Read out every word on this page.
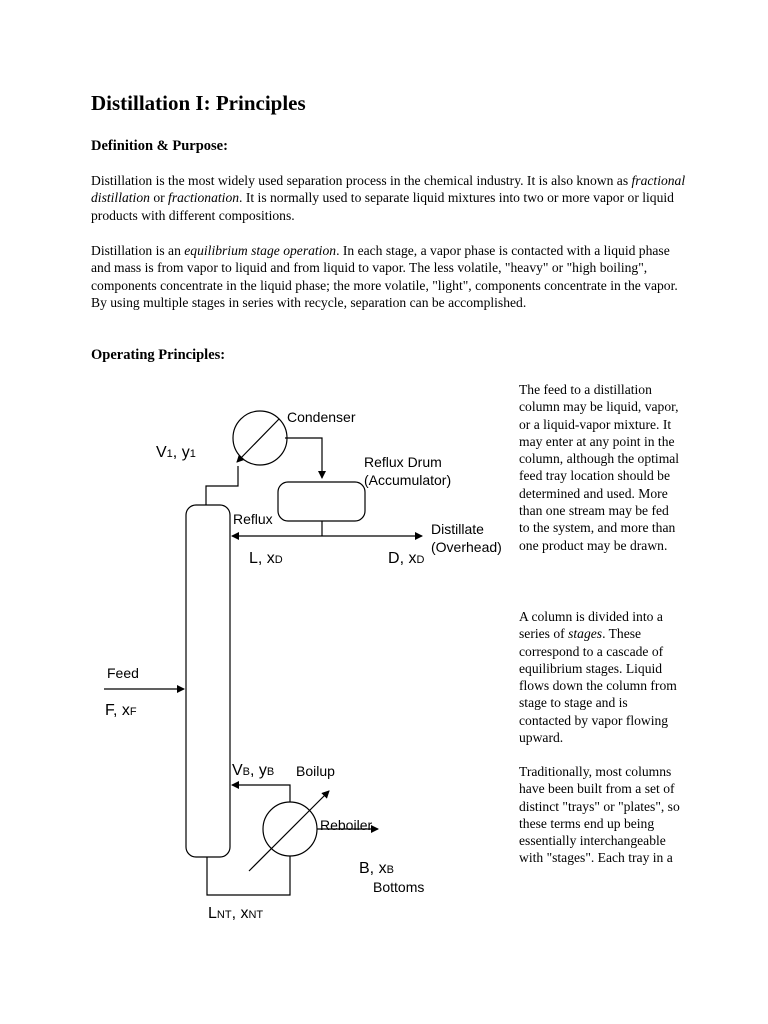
Distillation I: Principles
Definition & Purpose:

Distillation is the most widely used separation process in the chemical industry. It is also known as fractional distillation or fractionation. It is normally used to separate liquid mixtures into two or more vapor or liquid products with different compositions.

Distillation is an equilibrium stage operation. In each stage, a vapor phase is contacted with a liquid phase and mass is from vapor to liquid and from liquid to vapor. The less volatile, "heavy" or "high boiling", components concentrate in the liquid phase; the more volatile, "light", components concentrate in the vapor. By using multiple stages in series with recycle, separation can be accomplished.

Operating Principles:

The feed to a distillation column may be liquid, vapor, or a liquid-vapor mixture. It may enter at any point in the column, although the optimal feed tray location should be determined and used. More than one stream may be fed to the system, and more than one product may be drawn.

A column is divided into a series of stages. These correspond to a cascade of equilibrium stages. Liquid flows down the column from stage to stage and is contacted by vapor flowing upward.

Traditionally, most columns have been built from a set of distinct "trays" or "plates", so these terms end up being essentially interchangeable with "stages". Each tray in a

Condenser
Reflux Drum
(Accumulator)
Reflux
Distillate
(Overhead)
Feed
Boilup
Reboiler
Bottoms
V1, y1
L, xD	D, xD
F, xF
VB, yB
B, xB
LNT, xNT
